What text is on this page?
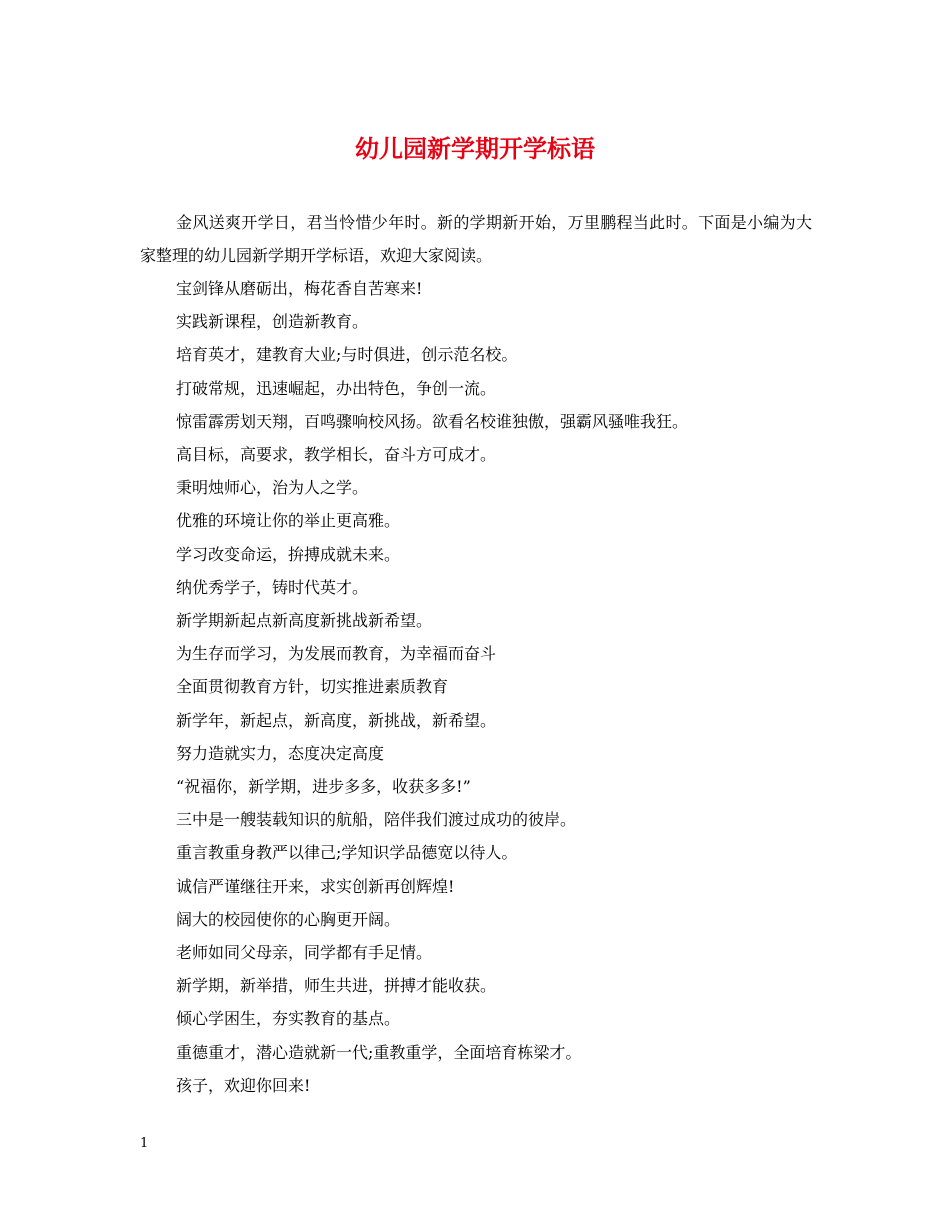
幼儿园新学期开学标语

金风送爽开学日，君当怜惜少年时。新的学期新开始，万里鹏程当此时。下面是小编为大家整理的幼儿园新学期开学标语，欢迎大家阅读。

宝剑锋从磨砺出，梅花香自苦寒来!
实践新课程，创造新教育。
培育英才，建教育大业;与时俱进，创示范名校。
打破常规，迅速崛起，办出特色，争创一流。
惊雷霹雳划天翔，百鸣骤响校风扬。欲看名校谁独傲，强霸风骚唯我狂。
高目标，高要求，教学相长，奋斗方可成才。
秉明烛师心，治为人之学。
优雅的环境让你的举止更高雅。
学习改变命运，拚搏成就未来。
纳优秀学子，铸时代英才。
新学期新起点新高度新挑战新希望。
为生存而学习，为发展而教育，为幸福而奋斗
全面贯彻教育方针，切实推进素质教育
新学年，新起点，新高度，新挑战，新希望。
努力造就实力，态度决定高度
“祝福你，新学期，进步多多，收获多多!”
三中是一艘装载知识的航船，陪伴我们渡过成功的彼岸。
重言教重身教严以律己;学知识学品德宽以待人。
诚信严谨继往开来，求实创新再创辉煌!
阔大的校园使你的心胸更开阔。
老师如同父母亲，同学都有手足情。
新学期，新举措，师生共进，拼搏才能收获。
倾心学困生，夯实教育的基点。
重德重才，潜心造就新一代;重教重学，全面培育栋梁才。
孩子，欢迎你回来!
1
